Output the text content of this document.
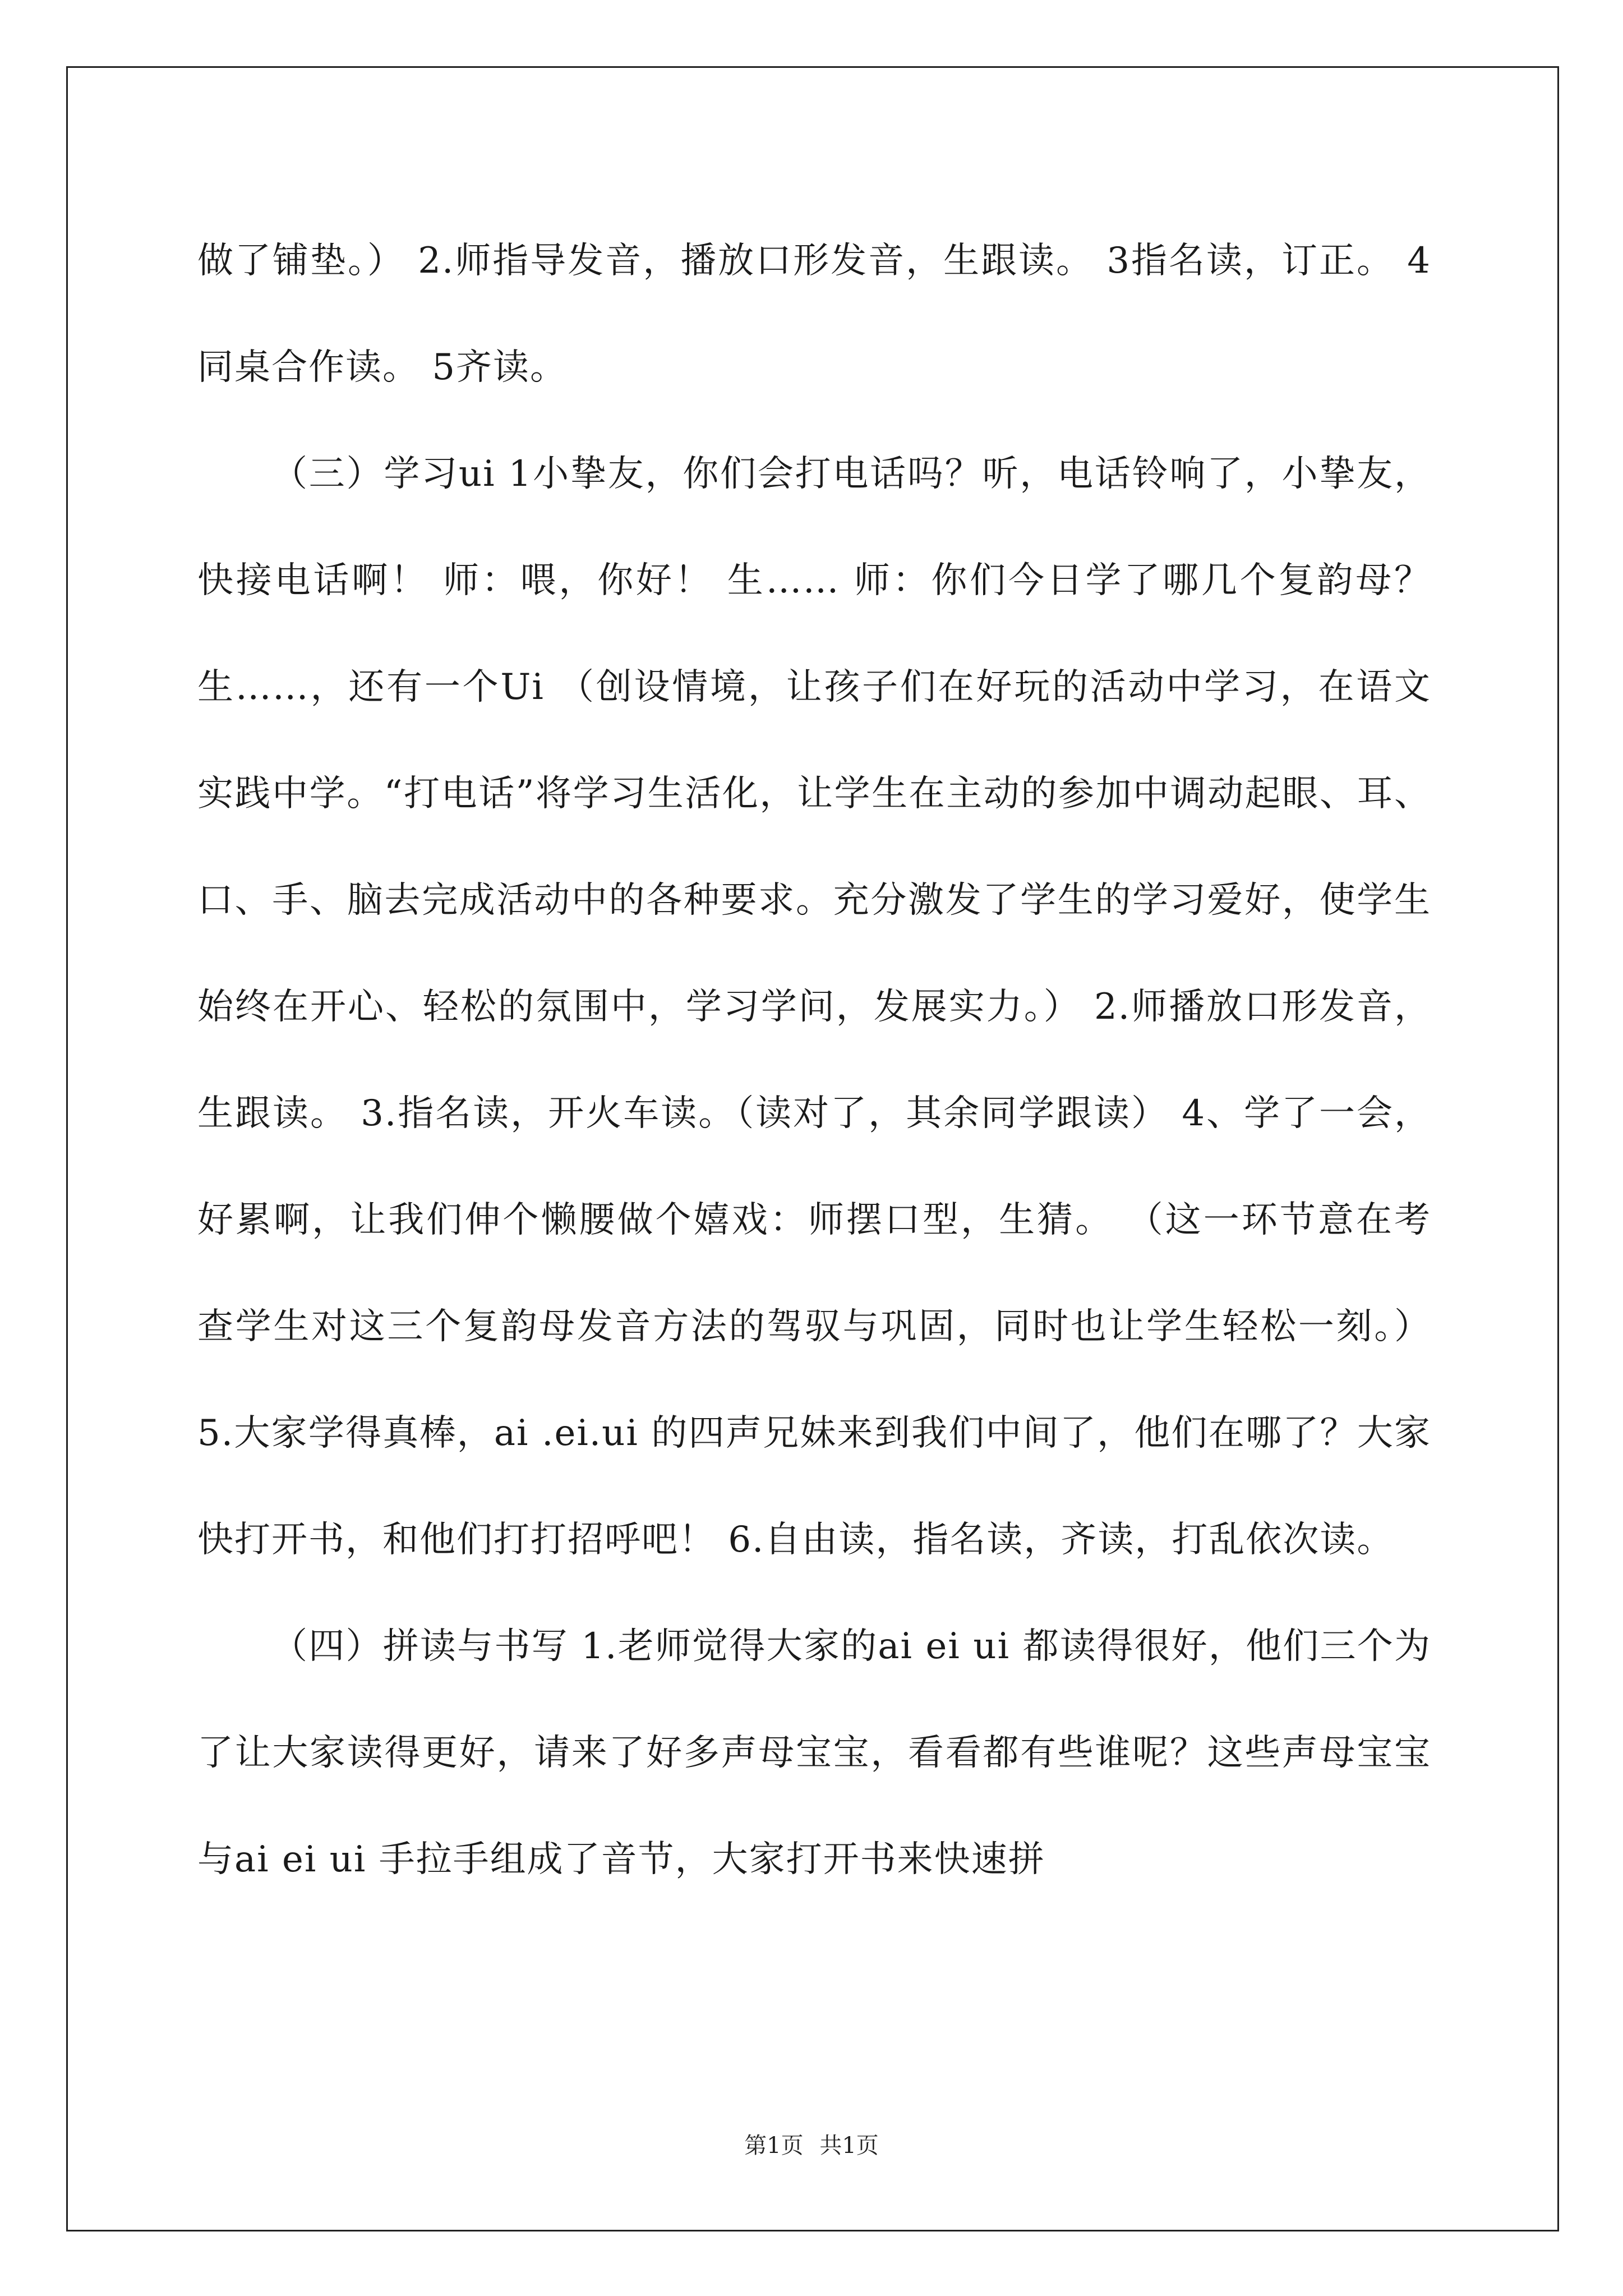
做了铺垫。） 2.师指导发音，播放口形发音，生跟读。 3指名读，订正。 4同桌合作读。 5齐读。

（三）学习ui 1小挚友，你们会打电话吗？听，电话铃响了，小挚友，快接电话啊！ 师：喂，你好！ 生…… 师：你们今日学了哪几个复韵母？ 生……，还有一个Ui （创设情境，让孩子们在好玩的活动中学习，在语文实践中学。“打电话”将学习生活化，让学生在主动的参加中调动起眼、耳、口、手、脑去完成活动中的各种要求。充分激发了学生的学习爱好，使学生始终在开心、轻松的氛围中，学习学问，发展实力。） 2.师播放口形发音，生跟读。 3.指名读，开火车读。（读对了，其余同学跟读） 4、学了一会，好累啊，让我们伸个懒腰做个嬉戏：师摆口型，生猜。 （这一环节意在考查学生对这三个复韵母发音方法的驾驭与巩固，同时也让学生轻松一刻。） 5.大家学得真棒，ai .ei.ui 的四声兄妹来到我们中间了，他们在哪了？大家快打开书，和他们打打招呼吧！ 6.自由读，指名读，齐读，打乱依次读。

（四）拼读与书写 1.老师觉得大家的ai ei ui 都读得很好，他们三个为了让大家读得更好，请来了好多声母宝宝，看看都有些谁呢？这些声母宝宝与ai ei ui 手拉手组成了音节，大家打开书来快速拼

第1页 共1页
